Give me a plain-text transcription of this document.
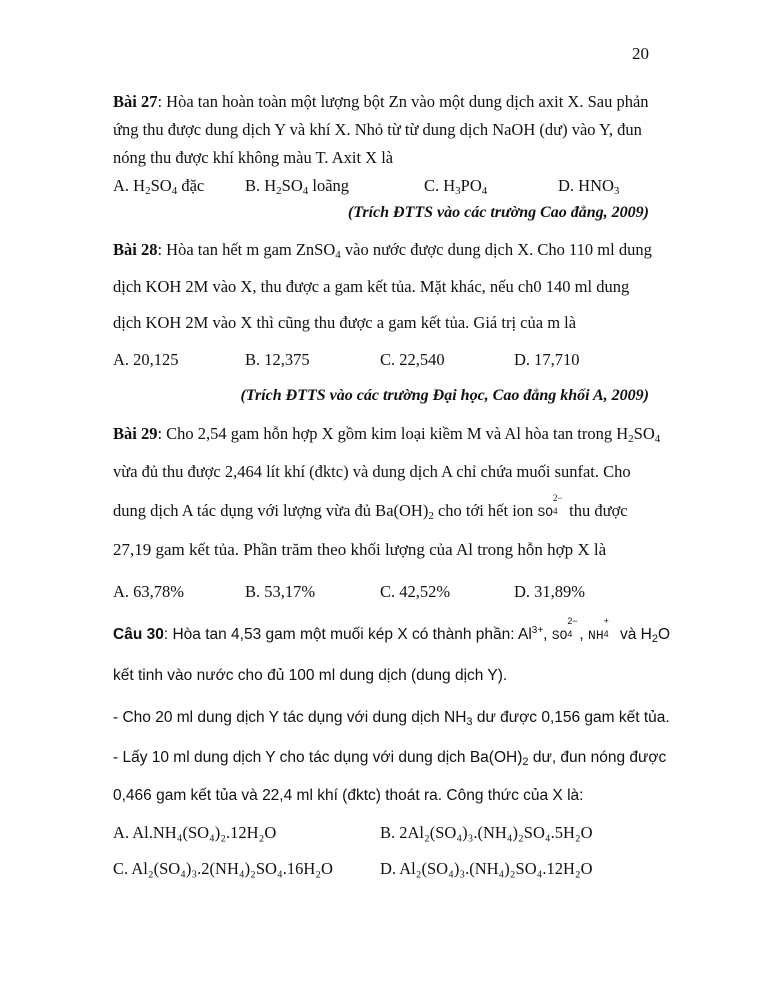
20
Bài 27: Hòa tan hoàn toàn một lượng bột Zn vào một dung dịch axit X. Sau phản
ứng thu được dung dịch Y và khí X. Nhỏ từ từ dung dịch NaOH (dư) vào Y, đun
nóng thu được khí không màu T. Axit X là
A. $H_2SO_4$ đặc B. $H_2SO_4$ loãng	C. $H_3PO_4$	D. $HNO_3$
(Trích ĐTTS vào các trường Cao đẳng, 2009)
Bài 28: Hòa tan hết m gam ZnSO$_4$ vào nước được dung dịch X. Cho 110 ml dung
dịch KOH 2M vào X, thu được a gam kết tủa. Mặt khác, nếu ch0 140 ml dung
dịch KOH 2M vào X thì cũng thu được a gam kết tủa. Giá trị của m là
A. 20,125	B. 12,375	C. 22,540	D. 17,710
(Trích ĐTTS vào các trường Đại học, Cao đẳng khối A, 2009)
Bài 29: Cho 2,54 gam hỗn hợp X gồm kim loại kiềm M và Al hòa tan trong $H_2SO_4$
vừa đủ thu được 2,464 lít khí (đktc) và dung dịch A chỉ chứa muối sunfat. Cho
dung dịch A tác dụng với lượng vừa đủ $Ba(OH)_2$ cho tới hết ion SO
2−
4 thu được
27,19 gam kết tủa. Phần trăm theo khối lượng của Al trong hỗn hợp X là
A. 63,78%	B. 53,17%	C. 42,52%	D. 31,89%
Câu 30: Hòa tan 4,53 gam một muối kép X có thành phần: $Al^{3+}$, SO
2−
4 , NH
+
4 và $H_2O$
kết tinh vào nước cho đủ 100 ml dung dịch (dung dịch Y).
- Cho 20 ml dung dịch Y tác dụng với dung dịch $NH_3$ dư được 0,156 gam kết tủa.
- Lấy 10 ml dung dịch Y cho tác dụng với dung dịch $Ba(OH)_2$ dư, đun nóng được
0,466 gam kết tủa và 22,4 ml khí (đktc) thoát ra. Công thức của X là:
A. Al.NH₄(SO₄)₂.12H₂O	B. 2Al₂(SO₄)₃.(NH₄)₂SO₄.5H₂O
C. Al₂(SO₄)₃.2(NH₄)₂SO₄.16H₂O	D. Al₂(SO₄)₃.(NH₄)₂SO₄.12H₂O
